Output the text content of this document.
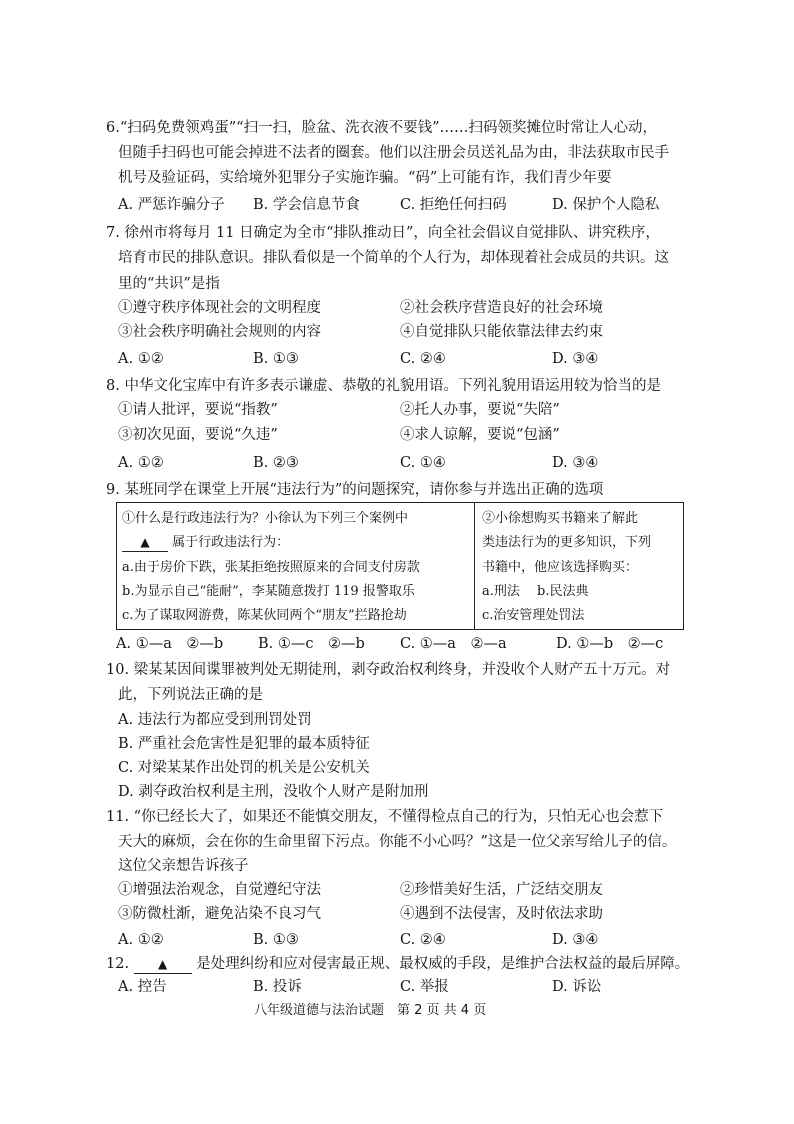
6.“扫码免费领鸡蛋”“扫一扫，脸盆、洗衣液不要钱”……扫码领奖摊位时常让人心动，
但随手扫码也可能会掉进不法者的圈套。他们以注册会员送礼品为由，非法获取市民手
机号及验证码，实给境外犯罪分子实施诈骗。“码”上可能有诈，我们青少年要
A. 严惩诈骗分子 B. 学会信息节食	C. 拒绝任何扫码	D. 保护个人隐私
7. 徐州市将每月 11 日确定为全市“排队推动日”，向全社会倡议自觉排队、讲究秩序，
培育市民的排队意识。排队看似是一个简单的个人行为，却体现着社会成员的共识。这
里的“共识”是指
①遵守秩序体现社会的文明程度	②社会秩序营造良好的社会环境
③社会秩序明确社会规则的内容	④自觉排队只能依靠法律去约束
A. ①②	B. ①③	C. ②④	D. ③④
8. 中华文化宝库中有许多表示谦虚、恭敬的礼貌用语。下列礼貌用语运用较为恰当的是
①请人批评，要说“指教”	②托人办事，要说“失陪”
③初次见面，要说“久违”	④求人谅解，要说“包涵”
A. ①②	B. ②③	C. ①④	D. ③④
9. 某班同学在课堂上开展“违法行为”的问题探究，请你参与并选出正确的选项
①什么是行政违法行为？小徐认为下列三个案例中
▲ 属于行政违法行为：
a.由于房价下跌，张某拒绝按照原来的合同支付房款
b.为显示自己“能耐”，李某随意拨打 119 报警取乐
c.为了谋取网游费，陈某伙同两个“朋友”拦路抢劫
②小徐想购买书籍来了解此
类违法行为的更多知识，下列
书籍中，他应该选择购买：
a.刑法　 b.民法典
c.治安管理处罚法
A. ①—a　②—b B. ①—c　②—b C. ①—a　②—a	D. ①—b　②—c
10. 梁某某因间谍罪被判处无期徒刑，剥夺政治权利终身，并没收个人财产五十万元。对
此，下列说法正确的是
A. 违法行为都应受到刑罚处罚
B. 严重社会危害性是犯罪的最本质特征
C. 对梁某某作出处罚的机关是公安机关
D. 剥夺政治权利是主刑，没收个人财产是附加刑
11. “你已经长大了，如果还不能慎交朋友，不懂得检点自己的行为，只怕无心也会惹下
天大的麻烦，会在你的生命里留下污点。你能不小心吗？”这是一位父亲写给儿子的信。
这位父亲想告诉孩子
①增强法治观念，自觉遵纪守法	②珍惜美好生活，广泛结交朋友
③防微杜渐，避免沾染不良习气	④遇到不法侵害，及时依法求助
A. ①②	B. ①③	C. ②④	D. ③④
12. ▲ 是处理纠纷和应对侵害最正规、最权威的手段，是维护合法权益的最后屏障。
A. 控告	B. 投诉	C. 举报	D. 诉讼
八年级道德与法治试题　第 2 页 共 4 页
